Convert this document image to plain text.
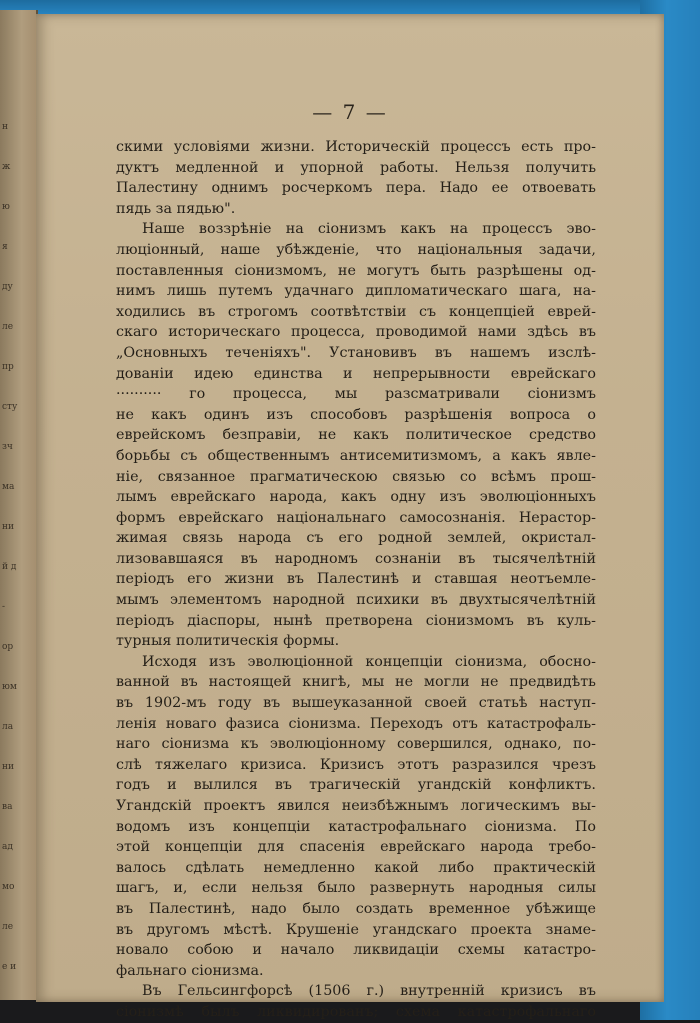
н
ж
ю
я
ду
ле
пр
сту
зч
ма
ни
й д
-
ор
юм
ла
ни
ва
ад
мо
ле
е и
— 7 —
скими условіями жизни. Историческій процессъ есть про-
дуктъ медленной и упорной работы. Нельзя получить
Палестину однимъ росчеркомъ пера. Надо ее отвоевать
пядь за пядью".
Наше воззрѣніе на сіонизмъ какъ на процессъ эво-
люціонный, наше убѣжденіе, что національныя задачи,
поставленныя сіонизмомъ, не могутъ быть разрѣшены од-
нимъ лишь путемъ удачнаго дипломатическаго шага, на-
ходились въ строгомъ соотвѣтствіи съ концепціей еврей-
скаго историческаго процесса, проводимой нами здѣсь въ
„Основныхъ теченіяхъ". Установивъ въ нашемъ изслѣ-
дованіи идею единства и непрерывности еврейскаго
·········· го процесса, мы разсматривали сіонизмъ
не какъ одинъ изъ способовъ разрѣшенія вопроса о
еврейскомъ безправіи, не какъ политическое средство
борьбы съ общественнымъ антисемитизмомъ, а какъ явле-
ніе, связанное прагматическою связью со всѣмъ прош-
лымъ еврейскаго народа, какъ одну изъ эволюціонныхъ
формъ еврейскаго національнаго самосознанія. Нерастор-
жимая связь народа съ его родной землей, окристал-
лизовавшаяся въ народномъ сознаніи въ тысячелѣтній
періодъ его жизни въ Палестинѣ и ставшая неотъемле-
мымъ элементомъ народной психики въ двухтысячелѣтній
періодъ діаспоры, нынѣ претворена сіонизмомъ въ куль-
турныя политическія формы.
Исходя изъ эволюціонной концепціи сіонизма, обосно-
ванной въ настоящей книгѣ, мы не могли не предвидѣть
въ 1902-мъ году въ вышеуказанной своей статьѣ наступ-
ленія новаго фазиса сіонизма. Переходъ отъ катастрофаль-
наго сіонизма къ эволюціонному совершился, однако, по-
слѣ тяжелаго кризиса. Кризисъ этотъ разразился чрезъ
годъ и вылился въ трагическій угандскій конфликтъ.
Угандскій проектъ явился неизбѣжнымъ логическимъ вы-
водомъ изъ концепціи катастрофальнаго сіонизма. По
этой концепціи для спасенія еврейскаго народа требо-
валось сдѣлать немедленно какой либо практическій
шагъ, и, если нельзя было развернуть народныя силы
въ Палестинѣ, надо было создать временное убѣжище
въ другомъ мѣстѣ. Крушеніе угандскаго проекта знаме-
новало собою и начало ликвидаціи схемы катастро-
фальнаго сіонизма.
Въ Гельсингфорсѣ (1506 г.) внутренній кризисъ въ
сіонизмѣ былъ ликвидированъ; схема катастрофальнаго
